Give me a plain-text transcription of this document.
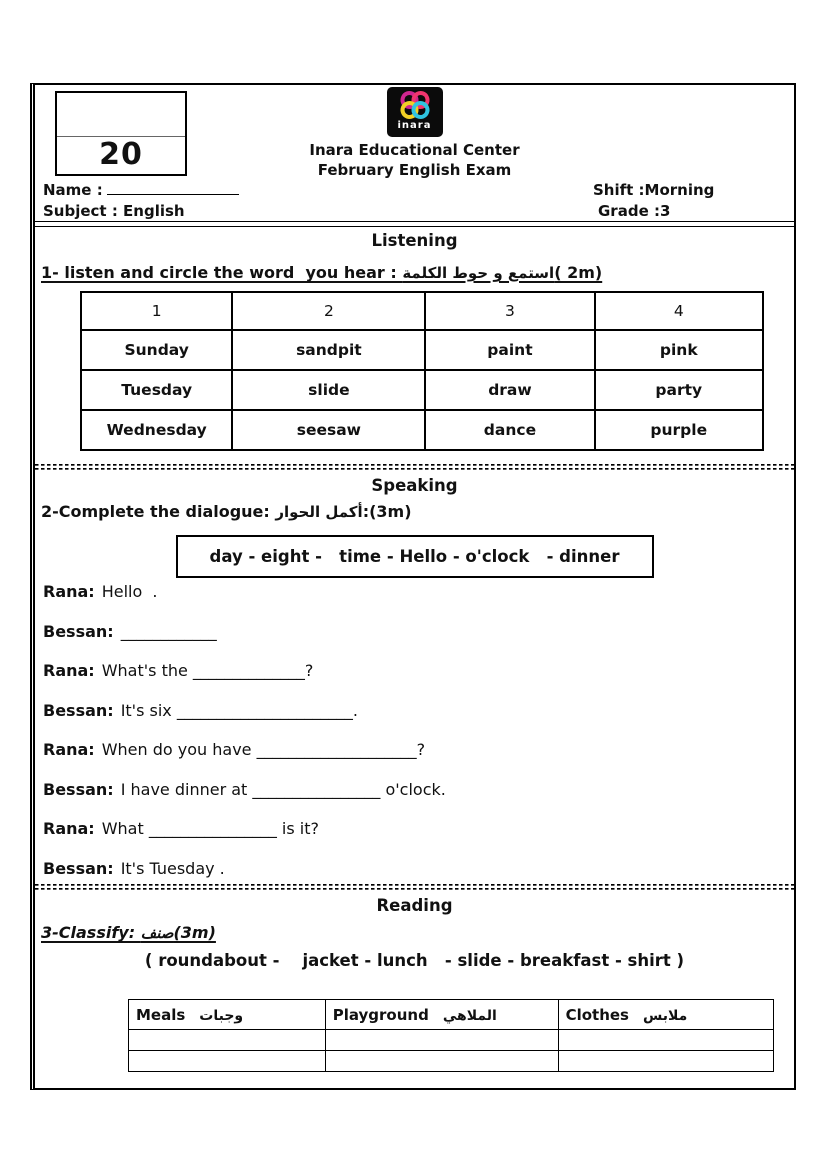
20
inara
Inara Educational Center
February English Exam
Name :	Shift :Morning
Subject : English	Grade :3
Listening
1- listen and circle the word  you hear : استمع و حوط الكلمة( 2m)
1	2	3	4
Sunday	sandpit	paint	pink
Tuesday	slide	draw	party
Wednesday	seesaw	dance	purple
Speaking
2-Complete the dialogue: أكمل الحوار:(3m)
day - eight -   time - Hello - o'clock   - dinner
Rana: Hello  .
Bessan: ____________
Rana: What's the ______________?
Bessan: It's six ______________________.
Rana: When do you have ____________________?
Bessan: I have dinner at ________________ o'clock.
Rana: What ________________ is it?
Bessan: It's Tuesday .
Reading
3-Classify: صنف(3m)
( roundabout -    jacket - lunch   - slide - breakfast - shirt )
Meals وجبات	Playground الملاهي	Clothes ملابس
